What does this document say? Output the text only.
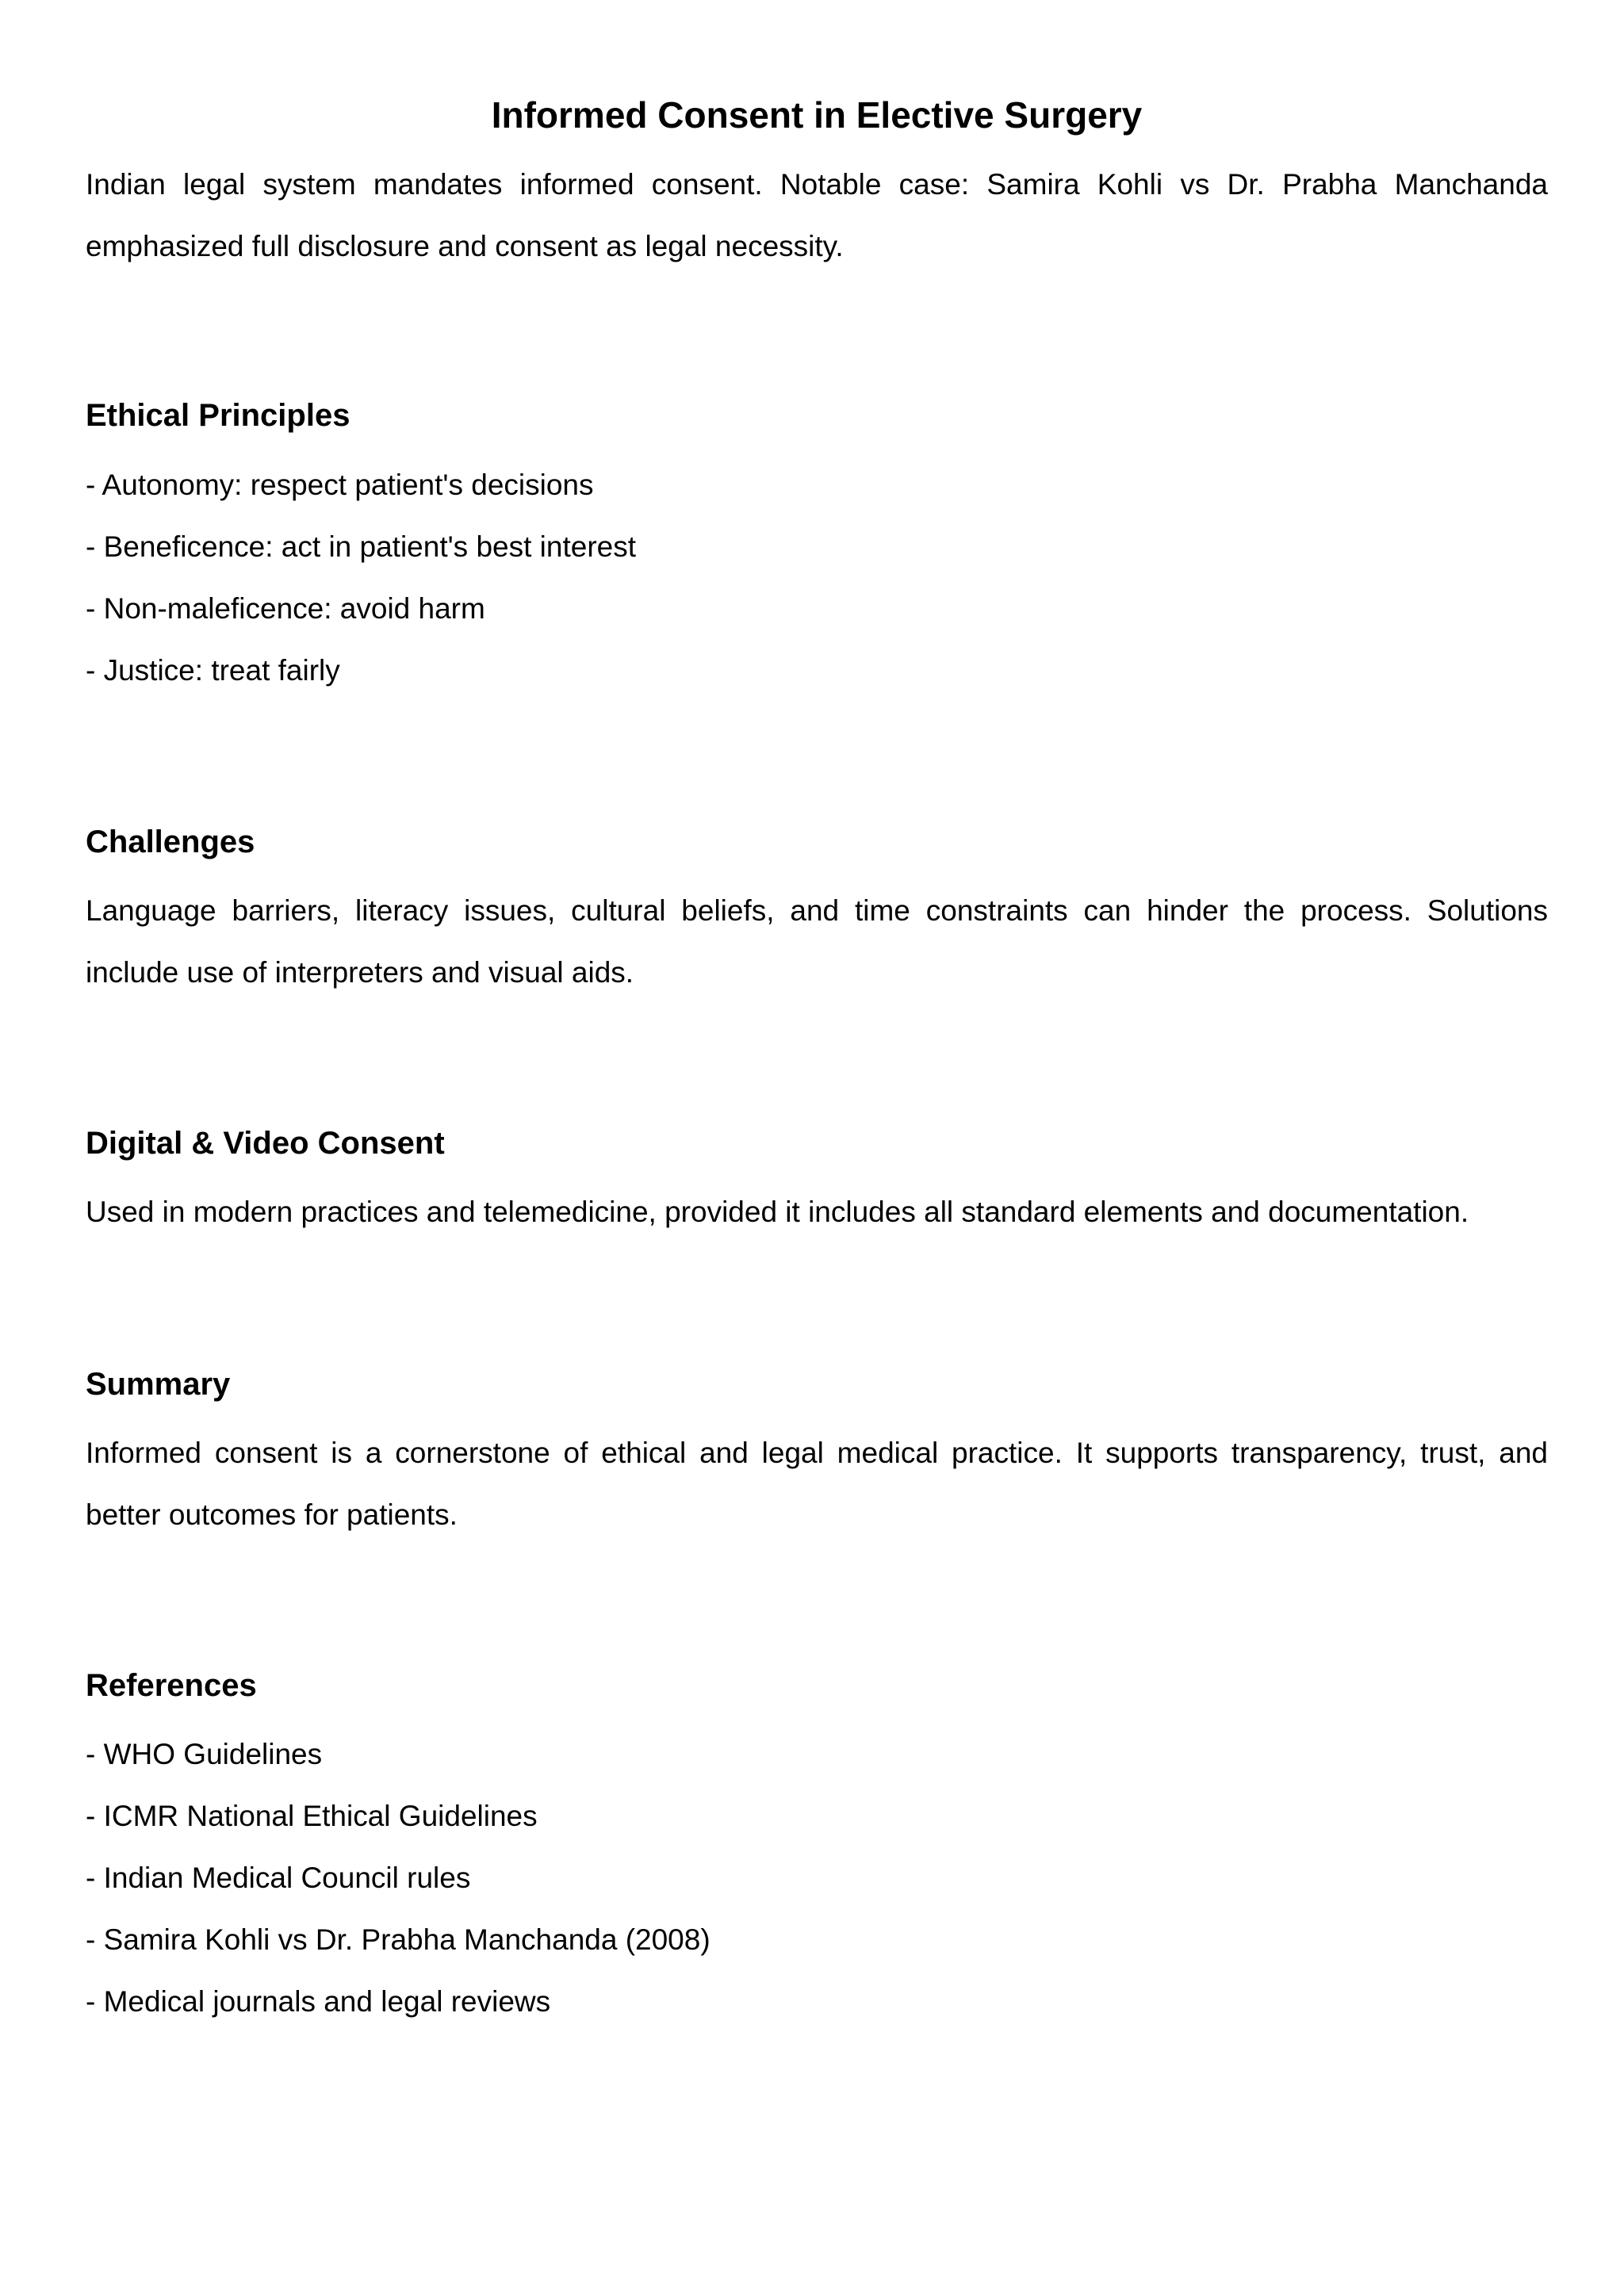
Informed Consent in Elective Surgery

Indian legal system mandates informed consent. Notable case: Samira Kohli vs Dr. Prabha Manchanda emphasized full disclosure and consent as legal necessity.

Ethical Principles
- Autonomy: respect patient's decisions
- Beneficence: act in patient's best interest
- Non-maleficence: avoid harm
- Justice: treat fairly
Challenges

Language barriers, literacy issues, cultural beliefs, and time constraints can hinder the process. Solutions include use of interpreters and visual aids.

Digital & Video Consent

Used in modern practices and telemedicine, provided it includes all standard elements and documentation.

Summary

Informed consent is a cornerstone of ethical and legal medical practice. It supports transparency, trust, and better outcomes for patients.

References
- WHO Guidelines
- ICMR National Ethical Guidelines
- Indian Medical Council rules
- Samira Kohli vs Dr. Prabha Manchanda (2008)
- Medical journals and legal reviews
